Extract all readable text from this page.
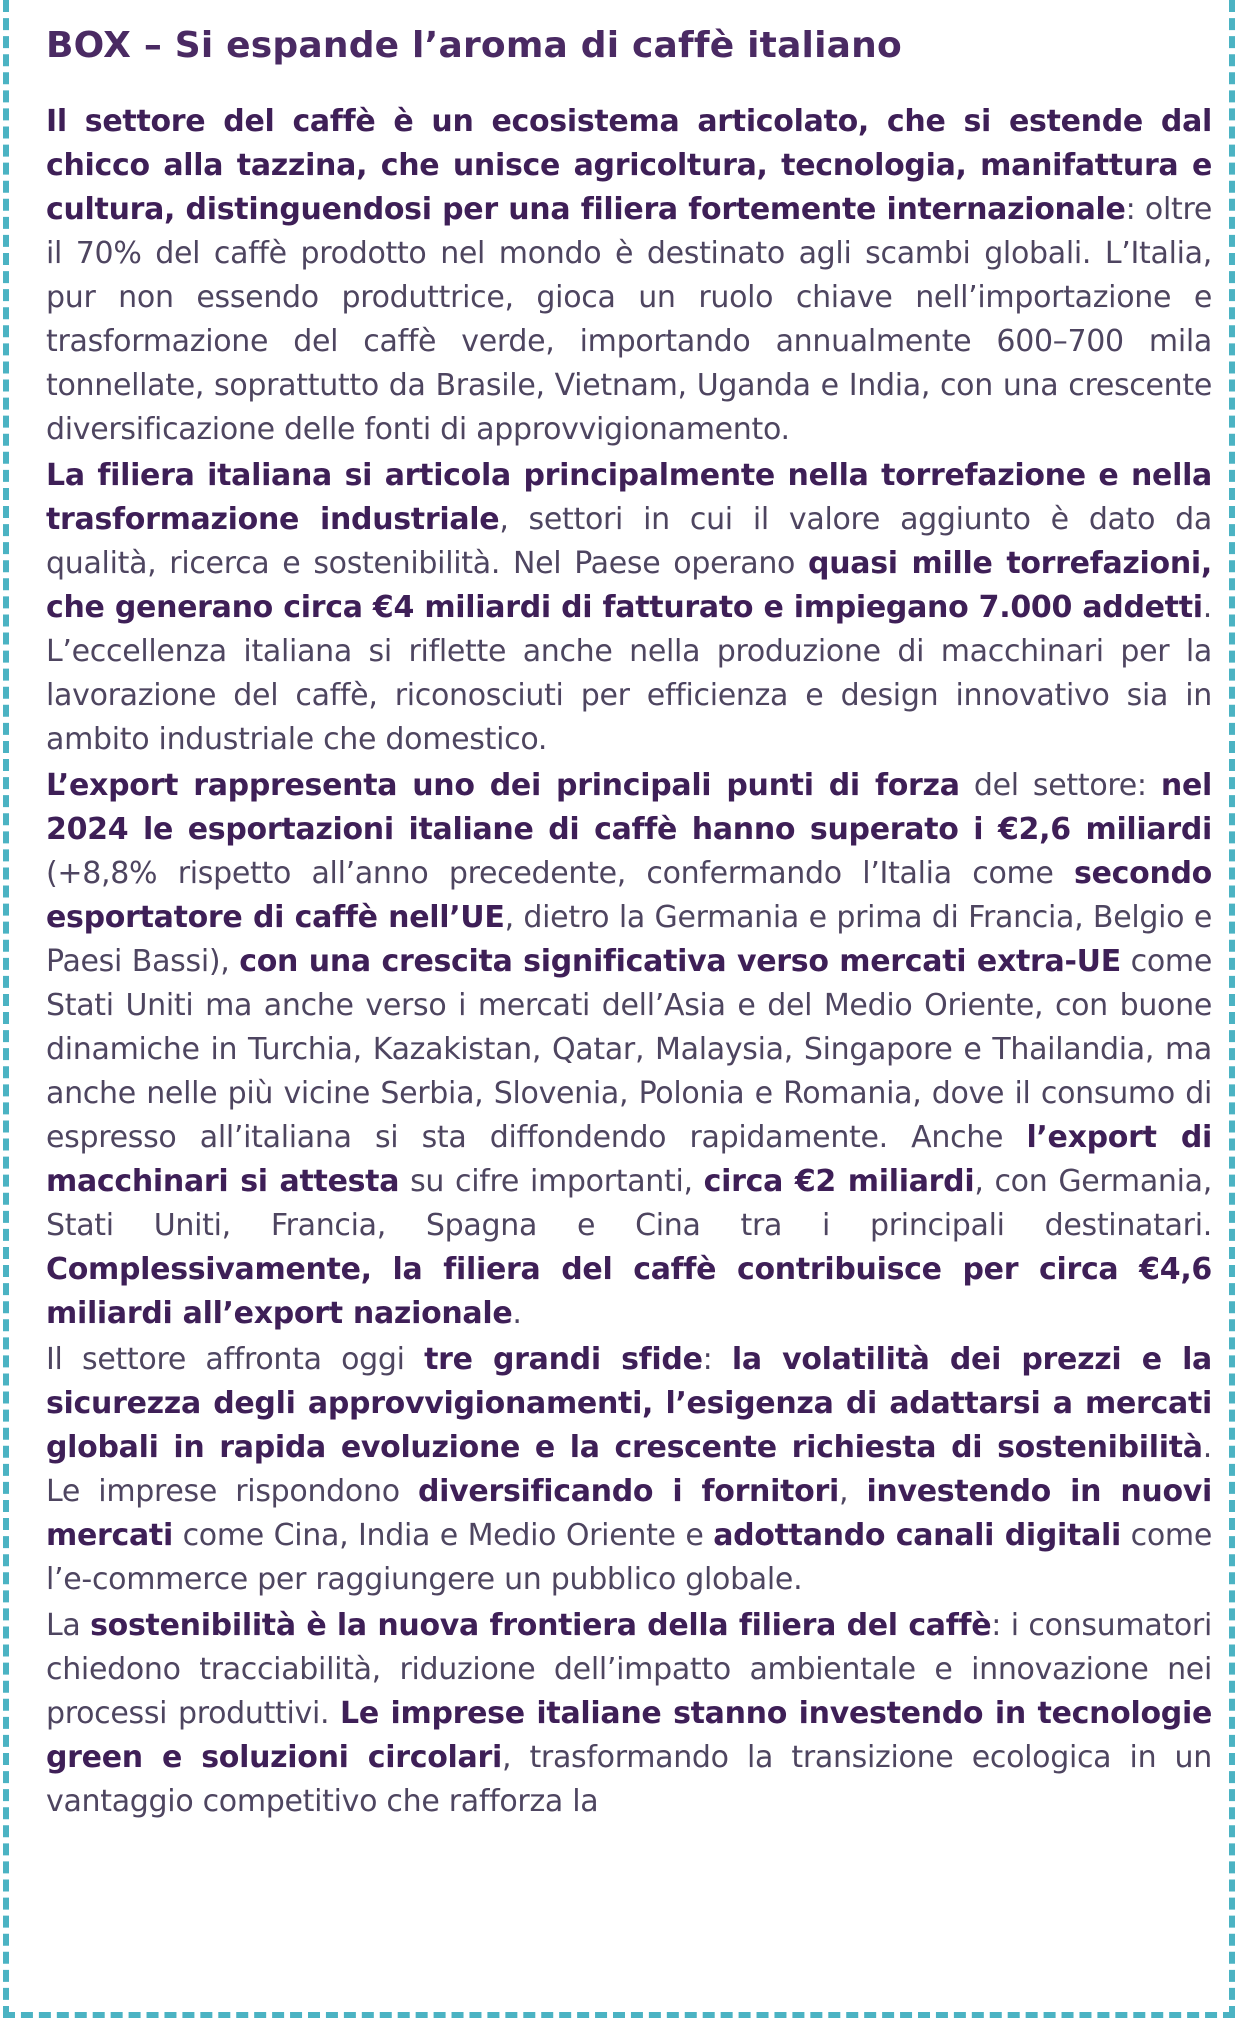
BOX – Si espande l’aroma di caffè italiano

Il settore del caffè è un ecosistema articolato, che si estende dal chicco alla tazzina, che unisce agricoltura, tecnologia, manifattura e cultura, distinguendosi per una filiera fortemente internazionale: oltre il 70% del caffè prodotto nel mondo è destinato agli scambi globali. L’Italia, pur non essendo produttrice, gioca un ruolo chiave nell’importazione e trasformazione del caffè verde, importando annualmente 600–700 mila tonnellate, soprattutto da Brasile, Vietnam, Uganda e India, con una crescente diversificazione delle fonti di approvvigionamento.

La filiera italiana si articola principalmente nella torrefazione e nella trasformazione industriale, settori in cui il valore aggiunto è dato da qualità, ricerca e sostenibilità. Nel Paese operano quasi mille torrefazioni, che generano circa €4 miliardi di fatturato e impiegano 7.000 addetti. L’eccellenza italiana si riflette anche nella produzione di macchinari per la lavorazione del caffè, riconosciuti per efficienza e design innovativo sia in ambito industriale che domestico.

L’export rappresenta uno dei principali punti di forza del settore: nel 2024 le esportazioni italiane di caffè hanno superato i €2,6 miliardi (+8,8% rispetto all’anno precedente, confermando l’Italia come secondo esportatore di caffè nell’UE, dietro la Germania e prima di Francia, Belgio e Paesi Bassi), con una crescita significativa verso mercati extra-UE come Stati Uniti ma anche verso i mercati dell’Asia e del Medio Oriente, con buone dinamiche in Turchia, Kazakistan, Qatar, Malaysia, Singapore e Thailandia, ma anche nelle più vicine Serbia, Slovenia, Polonia e Romania, dove il consumo di espresso all’italiana si sta diffondendo rapidamente. Anche l’export di macchinari si attesta su cifre importanti, circa €2 miliardi, con Germania, Stati Uniti, Francia, Spagna e Cina tra i principali destinatari. Complessivamente, la filiera del caffè contribuisce per circa €4,6 miliardi all’export nazionale.

Il settore affronta oggi tre grandi sfide: la volatilità dei prezzi e la sicurezza degli approvvigionamenti, l’esigenza di adattarsi a mercati globali in rapida evoluzione e la crescente richiesta di sostenibilità. Le imprese rispondono diversificando i fornitori, investendo in nuovi mercati come Cina, India e Medio Oriente e adottando canali digitali come l’e-commerce per raggiungere un pubblico globale.

La sostenibilità è la nuova frontiera della filiera del caffè: i consumatori chiedono tracciabilità, riduzione dell’impatto ambientale e innovazione nei processi produttivi. Le imprese italiane stanno investendo in tecnologie green e soluzioni circolari, trasformando la transizione ecologica in un vantaggio competitivo che rafforza la
